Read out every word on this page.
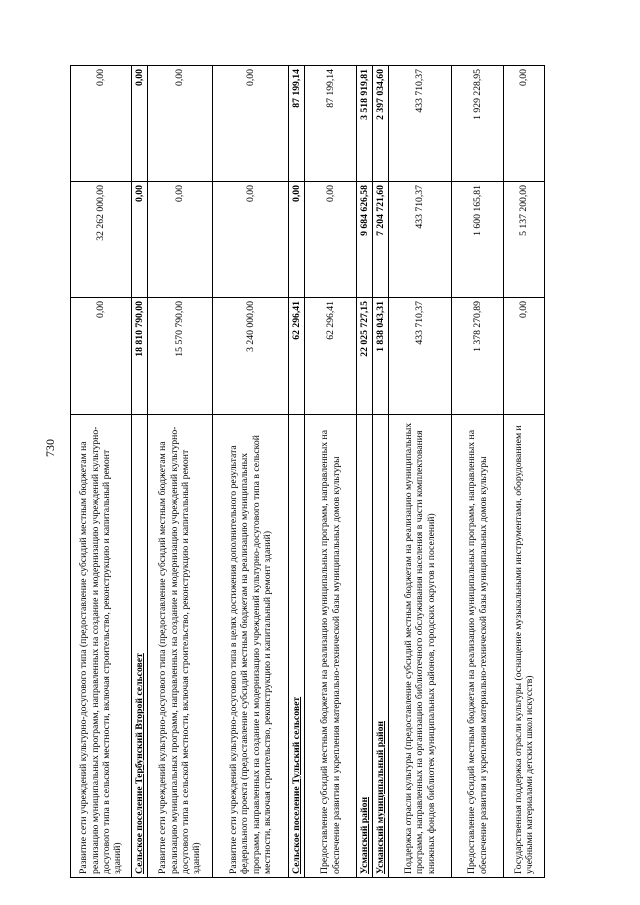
730 Развитие сети учреждений культурно-досугового типа (предоставление субсидий местным бюджетам на реализацию муниципальных программ, направленных на создание и модернизацию учреждений культурно-досугового типа в сельской местности, включая строительство, реконструкцию и капитальный ремонт зданий)	0,00	32 262 000,00	0,00
Сельское поселение Тербунский Второй сельсовет	18 810 790,00	0,00	0,00
Развитие сети учреждений культурно-досугового типа (предоставление субсидий местным бюджетам на реализацию муниципальных программ, направленных на создание и модернизацию учреждений культурно-досугового типа в сельской местности, включая строительство, реконструкцию и капитальный ремонт зданий)	15 570 790,00	0,00	0,00
Развитие сети учреждений культурно-досугового типа в целях достижения дополнительного результата федерального проекта (предоставление субсидий местным бюджетам на реализацию муниципальных программ, направленных на создание и модернизацию учреждений культурно-досугового типа в сельской местности, включая строительство, реконструкцию и капитальный ремонт зданий)	3 240 000,00	0,00	0,00
Сельское поселение Тульский сельсовет	62 296,41	0,00	87 199,14
Предоставление субсидий местным бюджетам на реализацию муниципальных программ, направленных на обеспечение развития и укрепления материально-технической базы муниципальных домов культуры	62 296,41	0,00	87 199,14
Усманский район	22 025 727,15	9 684 626,58	3 518 919,81
Усманский муниципальный район	1 838 043,31	7 204 721,60	2 397 034,60
Поддержка отрасли культуры (предоставление субсидий местным бюджетам на реализацию муниципальных программ, направленных на организацию библиотечного обслуживания населения в части комплектования книжных фондов библиотек муниципальных районов, городских округов и поселений)	433 710,37	433 710,37	433 710,37
Предоставление субсидий местным бюджетам на реализацию муниципальных программ, направленных на обеспечение развития и укрепления материально-технической базы муниципальных домов культуры	1 378 270,89	1 600 165,81	1 929 228,95
Государственная поддержка отрасли культуры (оснащение музыкальными инструментами, оборудованием и учебными материалами детских школ искусств)	0,00	5 137 200,00	0,00
